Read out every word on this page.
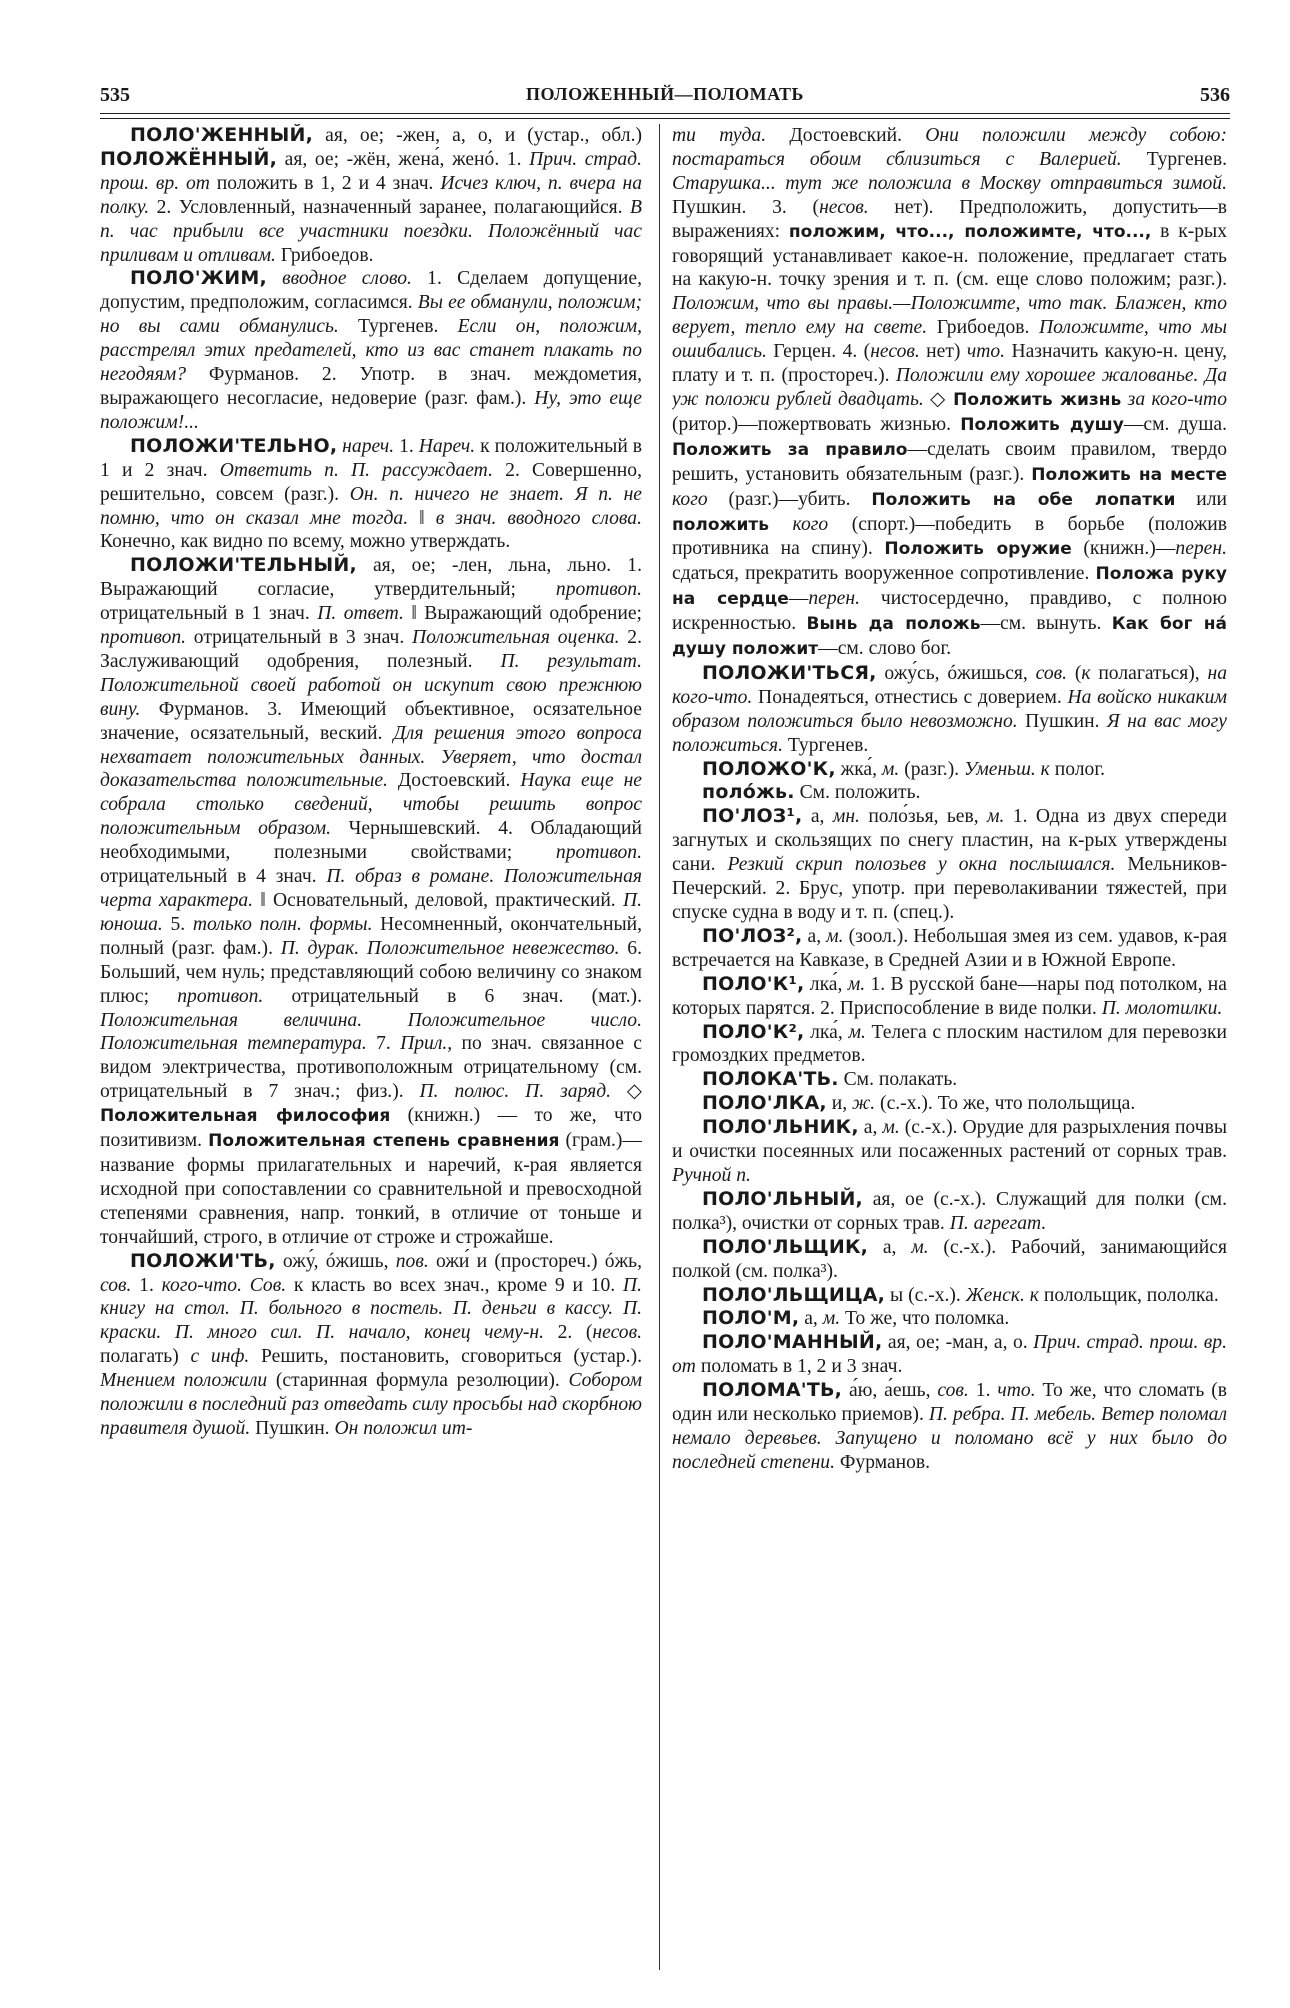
535	ПОЛОЖЕННЫЙ—ПОЛОМАТЬ	536

ПОЛО'ЖЕННЫЙ, ая, ое; -жен, а, о, и (устар., обл.) ПОЛОЖЁННЫЙ, ая, ое; -жён, жена́, женó. 1. Прич. страд. прош. вр. от положить в 1, 2 и 4 знач. Исчез ключ, п. вчера на полку. 2. Условленный, назначенный заранее, полагающийся. В п. час прибыли все участники поездки. Положённый час приливам и отливам. Грибоедов.

ПОЛО'ЖИМ, вводное слово. 1. Сделаем допущение, допустим, предположим, согласимся. Вы ее обманули, положим; но вы сами обманулись. Тургенев. Если он, положим, расстрелял этих предателей, кто из вас станет плакать по негодяям? Фурманов. 2. Употр. в знач. междометия, выражающего несогласие, недоверие (разг. фам.). Ну, это еще положим!...

ПОЛОЖИ'ТЕЛЬНО, нареч. 1. Нареч. к положительный в 1 и 2 знач. Ответить п. П. рассуждает. 2. Совершенно, решительно, совсем (разг.). Он. п. ничего не знает. Я п. не помню, что он сказал мне тогда. ‖ в знач. вводного слова. Конечно, как видно по всему, можно утверждать.

ПОЛОЖИ'ТЕЛЬНЫЙ, ая, ое; -лен, льна, льно. 1. Выражающий согласие, утвердительный; противоп. отрицательный в 1 знач. П. ответ. ‖ Выражающий одобрение; противоп. отрицательный в 3 знач. Положительная оценка. 2. Заслуживающий одобрения, полезный. П. результат. Положительной своей работой он искупит свою прежнюю вину. Фурманов. 3. Имеющий объективное, осязательное значение, осязательный, веский. Для решения этого вопроса нехватает положительных данных. Уверяет, что достал доказательства положительные. Достоевский. Наука еще не собрала столько сведений, чтобы решить вопрос положительным образом. Чернышевский. 4. Обладающий необходимыми, полезными свойствами; противоп. отрицательный в 4 знач. П. образ в романе. Положительная черта характера. ‖ Основательный, деловой, практический. П. юноша. 5. только полн. формы. Несомненный, окончательный, полный (разг. фам.). П. дурак. Положительное невежество. 6. Больший, чем нуль; представляющий собою величину со знаком плюс; противоп. отрицательный в 6 знач. (мат.). Положительная величина. Положительное число. Положительная температура. 7. Прил., по знач. связанное с видом электричества, противоположным отрицательному (см. отрицательный в 7 знач.; физ.). П. полюс. П. заряд. ◇ Положительная философия (книжн.) — то же, что позитивизм. Положительная степень сравнения (грам.)— название формы прилагательных и наречий, к-рая является исходной при сопоставлении со сравнительной и превосходной степенями сравнения, напр. тонкий, в отличие от тоньше и тончайший, строго, в отличие от строже и строжайше.

ПОЛОЖИ'ТЬ, ожу́, óжишь, пов. ожи́ и (простореч.) óжь, сов. 1. кого-что. Сов. к класть во всех знач., кроме 9 и 10. П. книгу на стол. П. больного в постель. П. деньги в кассу. П. краски. П. много сил. П. начало, конец чему-н. 2. (несов. полагать) с инф. Решить, постановить, сговориться (устар.). Мнением положили (старинная формула резолюции). Собором положили в последний раз отведать силу просьбы над скорбною правителя душой. Пушкин. Он положил ит-

ти туда. Достоевский. Они положили между собою: постараться обоим сблизиться с Валерией. Тургенев. Старушка... тут же положила в Москву отправиться зимой. Пушкин. 3. (несов. нет). Предположить, допустить—в выражениях: положим, что..., положимте, что..., в к-рых говорящий устанавливает какое-н. положение, предлагает стать на какую-н. точку зрения и т. п. (см. еще слово положим; разг.). Положим, что вы правы.—Положимте, что так. Блажен, кто верует, тепло ему на свете. Грибоедов. Положимте, что мы ошибались. Герцен. 4. (несов. нет) что. Назначить какую-н. цену, плату и т. п. (простореч.). Положили ему хорошее жалованье. Да уж положи рублей двадцать. ◇ Положить жизнь за кого-что (ритор.)—пожертвовать жизнью. Положить душу—см. душа. Положить за правило—сделать своим правилом, твердо решить, установить обязательным (разг.). Положить на месте кого (разг.)—убить. Положить на обе лопатки или положить кого (спорт.)—победить в борьбе (положив противника на спину). Положить оружие (книжн.)—перен. сдаться, прекратить вооруженное сопротивление. Положа руку на сердце—перен. чистосердечно, правдиво, с полною искренностью. Вынь да положь—см. вынуть. Как бог на́ душу положит—см. слово бог.

ПОЛОЖИ'ТЬСЯ, ожу́сь, óжишься, сов. (к полагаться), на кого-что. Понадеяться, отнестись с доверием. На войско никаким образом положиться было невозможно. Пушкин. Я на вас могу положиться. Тургенев.

ПОЛОЖО'К, жка́, м. (разг.). Уменьш. к полог.

поло́жь. См. положить.

ПО'ЛОЗ¹, а, мн. поло́зья, ьев, м. 1. Одна из двух спереди загнутых и скользящих по снегу пластин, на к-рых утверждены сани. Резкий скрип полозьев у окна послышался. Мельников-Печерский. 2. Брус, употр. при переволакивании тяжестей, при спуске судна в воду и т. п. (спец.).

ПО'ЛОЗ², а, м. (зоол.). Небольшая змея из сем. удавов, к-рая встречается на Кавказе, в Средней Азии и в Южной Европе.

ПОЛО'К¹, лка́, м. 1. В русской бане—нары под потолком, на которых парятся. 2. Приспособление в виде полки. П. молотилки.

ПОЛО'К², лка́, м. Телега с плоским настилом для перевозки громоздких предметов.

ПОЛОКА'ТЬ. См. полакать.

ПОЛО'ЛКА, и, ж. (с.-х.). То же, что полольщица.

ПОЛО'ЛЬНИК, а, м. (с.-х.). Орудие для разрыхления почвы и очистки посеянных или посаженных растений от сорных трав. Ручной п.

ПОЛО'ЛЬНЫЙ, ая, ое (с.-х.). Служащий для полки (см. полка³), очистки от сорных трав. П. агрегат.

ПОЛО'ЛЬЩИК, а, м. (с.-х.). Рабочий, занимающийся полкой (см. полка³).

ПОЛО'ЛЬЩИЦА, ы (с.-х.). Женск. к полольщик, пололка.

ПОЛО'М, а, м. То же, что поломка.

ПОЛО'МАННЫЙ, ая, ое; -ман, а, о. Прич. страд. прош. вр. от поломать в 1, 2 и 3 знач.

ПОЛОМА'ТЬ, а́ю, а́ешь, сов. 1. что. То же, что сломать (в один или несколько приемов). П. ребра. П. мебель. Ветер поломал немало деревьев. Запущено и поломано всё у них было до последней степени. Фурманов.
